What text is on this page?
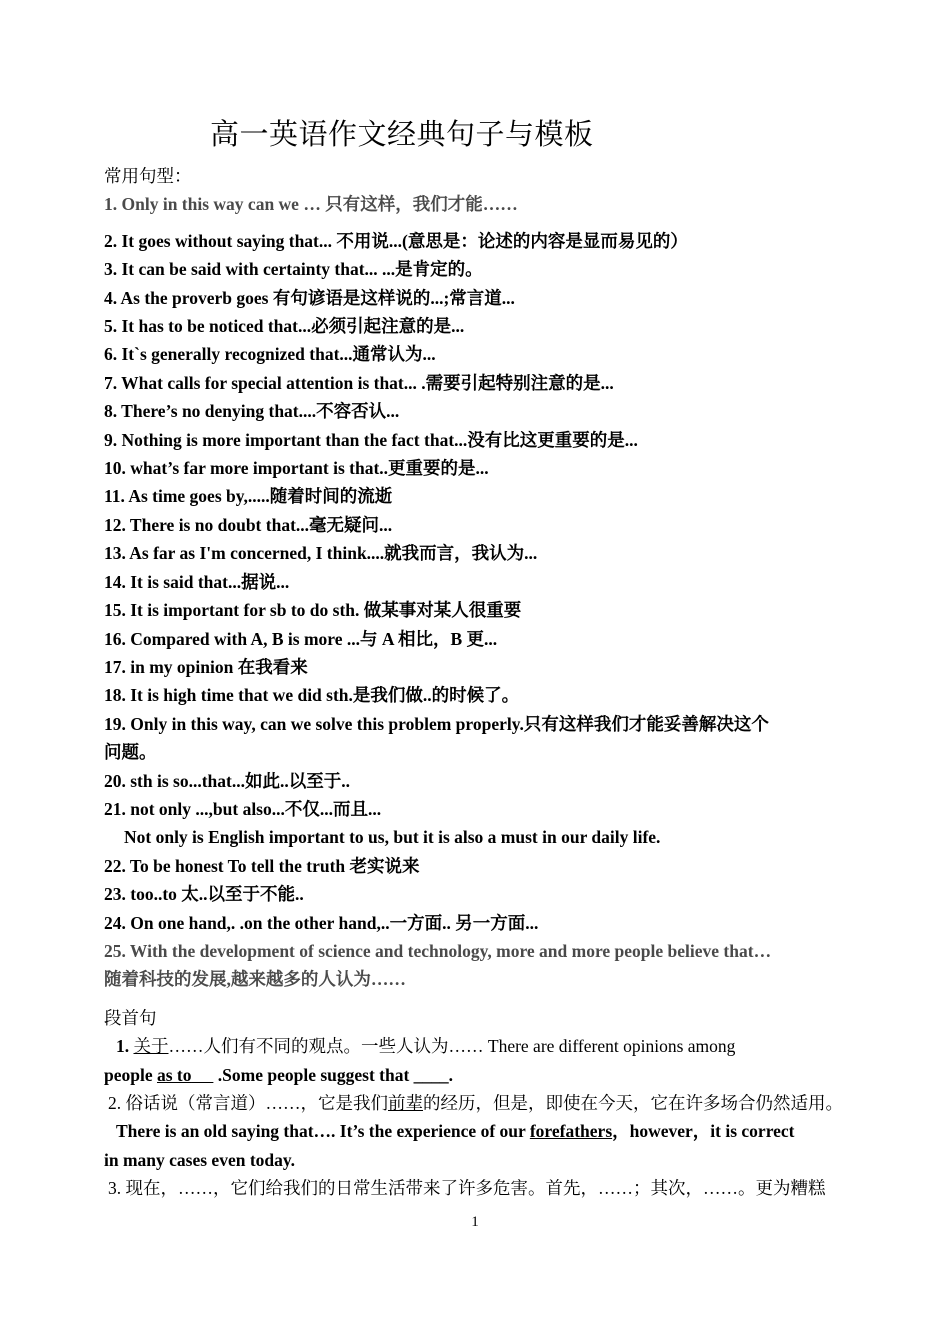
高一英语作文经典句子与模板
常用句型：
1. Only in this way can we … 只有这样，我们才能……
2. It goes without saying that... 不用说...(意思是：论述的内容是显而易见的）
3. It can be said with certainty that... ...是肯定的。
4. As the proverb goes 有句谚语是这样说的...;常言道...
5. It has to be noticed that...必须引起注意的是...
6. It`s generally recognized that...通常认为...
7. What calls for special attention is that... .需要引起特别注意的是...
8. There’s no denying that....不容否认...
9. Nothing is more important than the fact that...没有比这更重要的是...
10. what’s far more important is that..更重要的是...
11. As time goes by,.....随着时间的流逝
12. There is no doubt that...毫无疑问...
13. As far as I'm concerned, I think....就我而言，我认为...
14. It is said that...据说...
15. It is important for sb to do sth. 做某事对某人很重要
16. Compared with A, B is more ...与 A 相比，B 更...
17. in my opinion 在我看来
18. It is high time that we did sth.是我们做..的时候了。
19. Only in this way, can we solve this problem properly.只有这样我们才能妥善解决这个
问题。
20. sth is so...that...如此..以至于..
21. not only ...,but also...不仅...而且...
Not only is English important to us, but it is also a must in our daily life.
22. To be honest To tell the truth 老实说来
23. too..to 太..以至于不能..
24. On one hand,. .on the other hand,..一方面.. 另一方面...
25. With the development of science and technology, more and more people believe that…
随着科技的发展,越来越多的人认为……
段首句
1. 关于……人们有不同的观点。一些人认为…… There are different opinions among
people as to      .Some people suggest that ____.
2. 俗话说（常言道）……，它是我们前辈的经历，但是，即使在今天，它在许多场合仍然适用。
There is an old saying that…. It’s the experience of our forefathers，however，it is correct
in many cases even today.
3. 现在，……，它们给我们的日常生活带来了许多危害。首先，……；其次，……。更为糟糕
1
